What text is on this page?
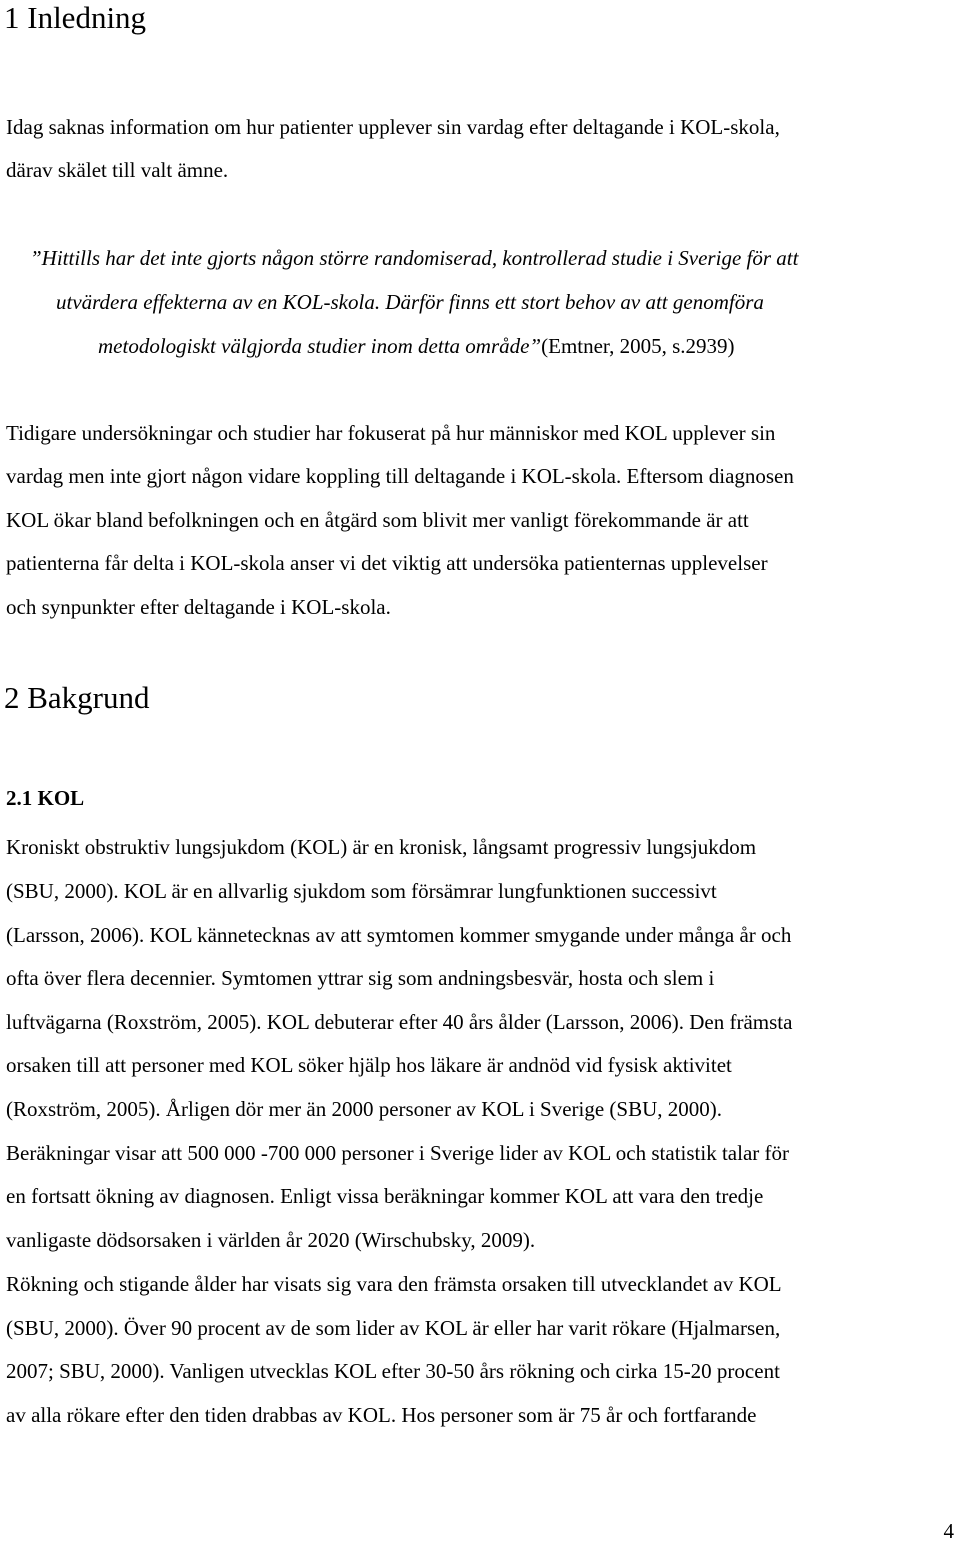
1 Inledning
Idag saknas information om hur patienter upplever sin vardag efter deltagande i KOL-skola,
därav skälet till valt ämne.
”Hittills har det inte gjorts någon större randomiserad, kontrollerad studie i Sverige för att
utvärdera effekterna av en KOL-skola. Därför finns ett stort behov av att genomföra
metodologiskt välgjorda studier inom detta område”(Emtner, 2005, s.2939)
Tidigare undersökningar och studier har fokuserat på hur människor med KOL upplever sin
vardag men inte gjort någon vidare koppling till deltagande i KOL-skola. Eftersom diagnosen
KOL ökar bland befolkningen och en åtgärd som blivit mer vanligt förekommande är att
patienterna får delta i KOL-skola anser vi det viktig att undersöka patienternas upplevelser
och synpunkter efter deltagande i KOL-skola.
2 Bakgrund
2.1 KOL
Kroniskt obstruktiv lungsjukdom (KOL) är en kronisk, långsamt progressiv lungsjukdom
(SBU, 2000). KOL är en allvarlig sjukdom som försämrar lungfunktionen successivt
(Larsson, 2006). KOL kännetecknas av att symtomen kommer smygande under många år och
ofta över flera decennier. Symtomen yttrar sig som andningsbesvär, hosta och slem i
luftvägarna (Roxström, 2005). KOL debuterar efter 40 års ålder (Larsson, 2006). Den främsta
orsaken till att personer med KOL söker hjälp hos läkare är andnöd vid fysisk aktivitet
(Roxström, 2005). Årligen dör mer än 2000 personer av KOL i Sverige (SBU, 2000).
Beräkningar visar att 500 000 -700 000 personer i Sverige lider av KOL och statistik talar för
en fortsatt ökning av diagnosen. Enligt vissa beräkningar kommer KOL att vara den tredje
vanligaste dödsorsaken i världen år 2020 (Wirschubsky, 2009).
Rökning och stigande ålder har visats sig vara den främsta orsaken till utvecklandet av KOL
(SBU, 2000). Över 90 procent av de som lider av KOL är eller har varit rökare (Hjalmarsen,
2007; SBU, 2000). Vanligen utvecklas KOL efter 30-50 års rökning och cirka 15-20 procent
av alla rökare efter den tiden drabbas av KOL. Hos personer som är 75 år och fortfarande
4
